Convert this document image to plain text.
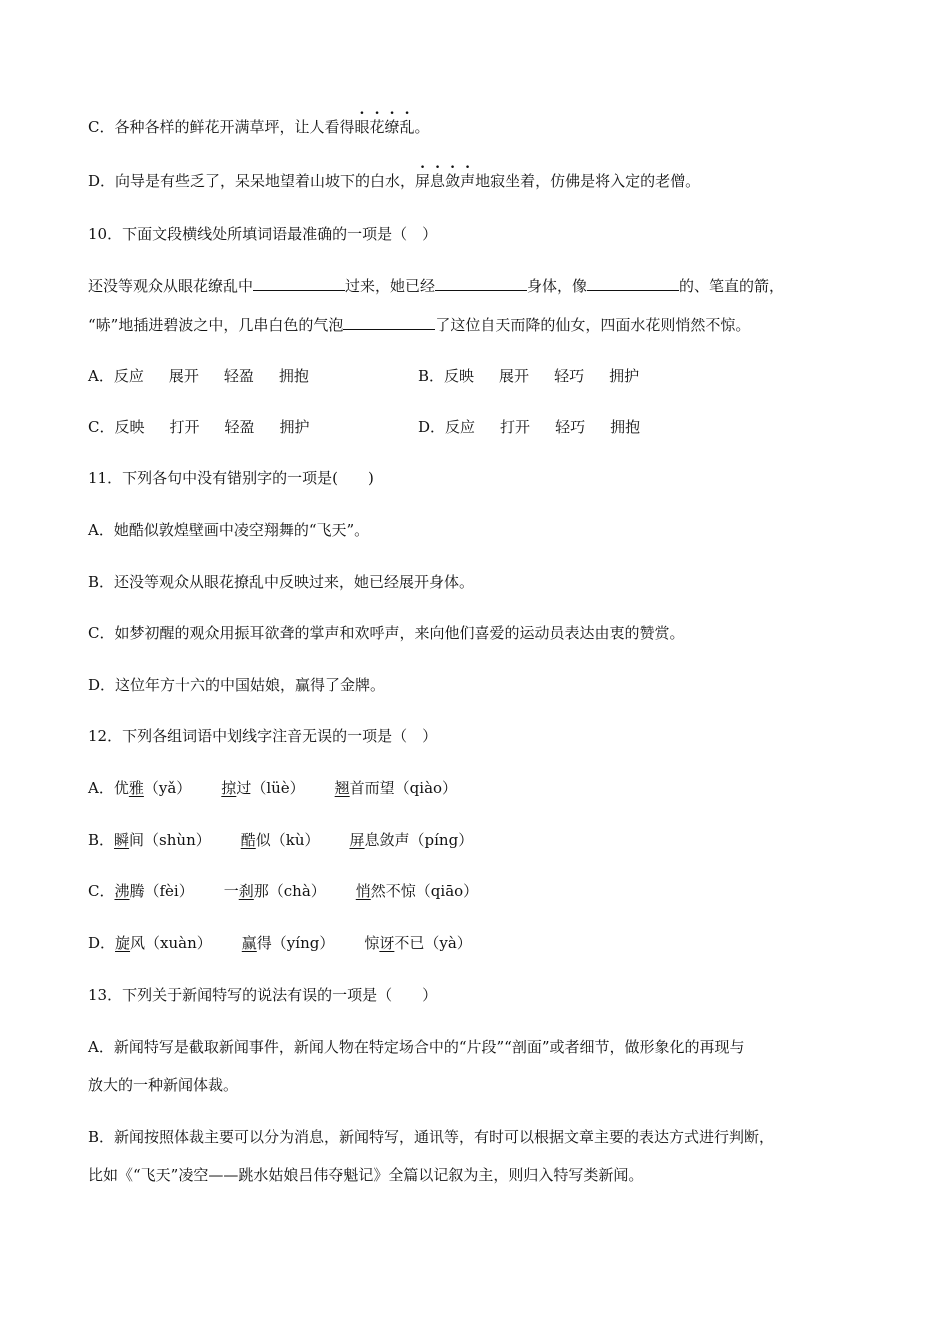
C．各种各样的鲜花开满草坪，让人看得眼花缭乱。
D．向导是有些乏了，呆呆地望着山坡下的白水，屏息敛声地寂坐着，仿佛是将入定的老僧。
10．下面文段横线处所填词语最准确的一项是（　）
还没等观众从眼花缭乱中	过来，她已经	身体，像	的、笔直的箭，
“哧”地插进碧波之中，几串白色的气泡	了这位自天而降的仙女，四面水花则悄然不惊。
A．反应 展开 轻盈 拥抱	B．反映 展开 轻巧 拥护
C．反映 打开 轻盈 拥护	D．反应 打开 轻巧 拥抱
11．下列各句中没有错别字的一项是(　　)
A．她酷似敦煌壁画中凌空翔舞的“飞天”。
B．还没等观众从眼花撩乱中反映过来，她已经展开身体。
C．如梦初醒的观众用振耳欲聋的掌声和欢呼声，来向他们喜爱的运动员表达由衷的赞赏。
D．这位年方十六的中国姑娘，赢得了金牌。
12．下列各组词语中划线字注音无误的一项是（　）
A．优雅（yǎ） 掠过（lüè） 翘首而望（qiào）
B．瞬间（shùn） 酷似（kù） 屏息敛声（píng）
C．沸腾（fèi） 一刹那（chà） 悄然不惊（qiāo）
D．旋风（xuàn） 赢得（yíng） 惊讶不已（yà）
13．下列关于新闻特写的说法有误的一项是（　　）
A．新闻特写是截取新闻事件，新闻人物在特定场合中的“片段”“剖面”或者细节，做形象化的再现与
放大的一种新闻体裁。
B．新闻按照体裁主要可以分为消息，新闻特写，通讯等，有时可以根据文章主要的表达方式进行判断，
比如《“飞天”凌空——跳水姑娘吕伟夺魁记》全篇以记叙为主，则归入特写类新闻。
